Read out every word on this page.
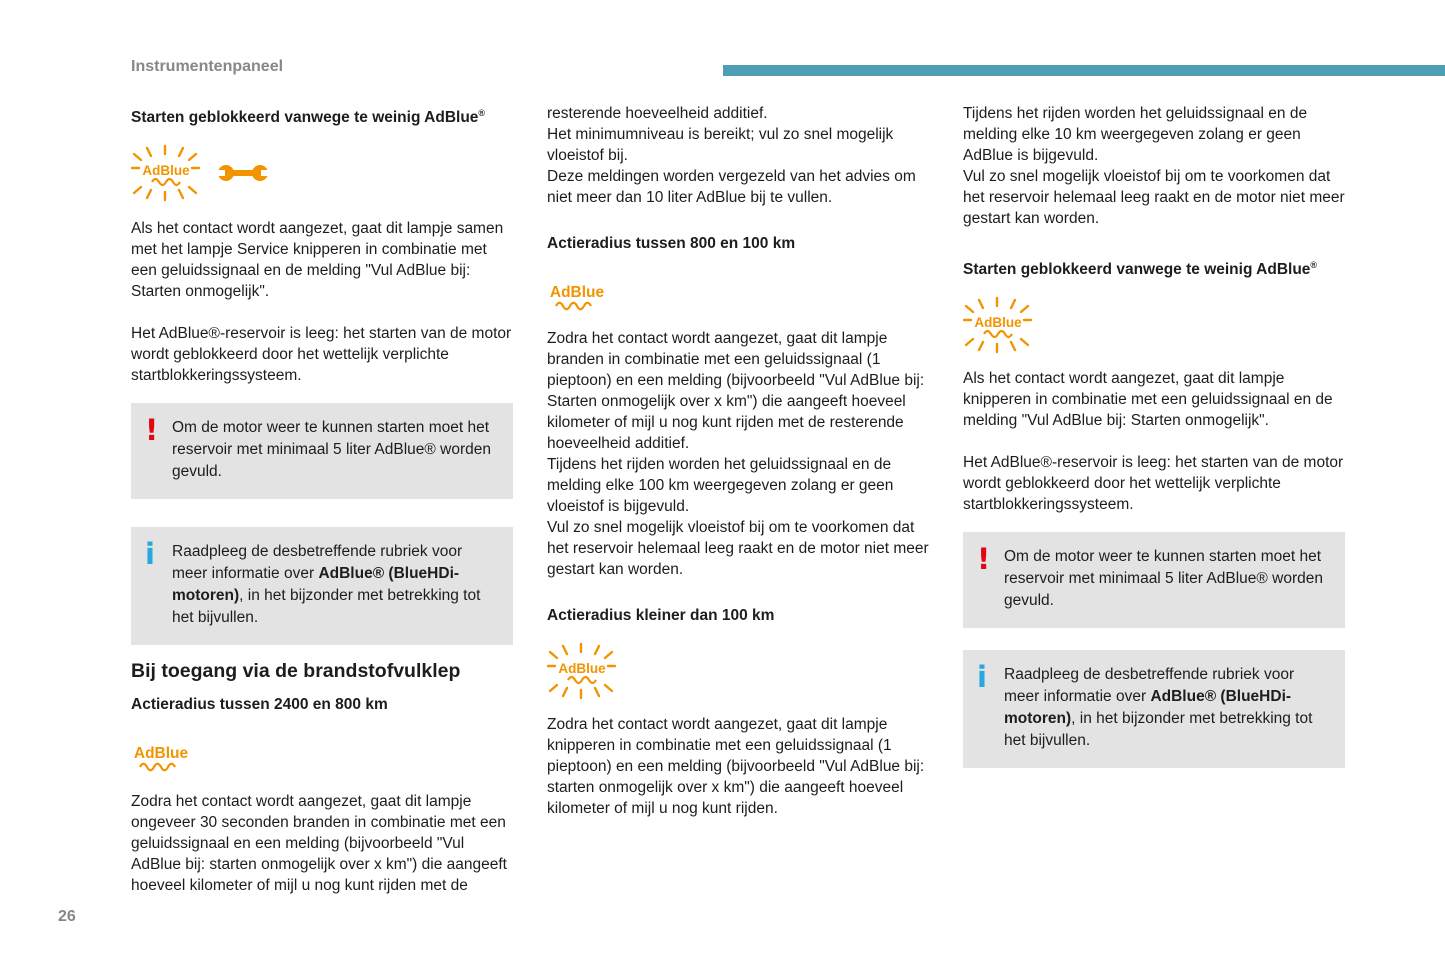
Instrumentenpaneel
Starten geblokkeerd vanwege te weinig AdBlue®
AdBlue

Als het contact wordt aangezet, gaat dit lampje samen met het lampje Service knipperen in combinatie met een geluidssignaal en de melding "Vul AdBlue bij: Starten onmogelijk".

Het AdBlue®-reservoir is leeg: het starten van de motor wordt geblokkeerd door het wettelijk verplichte startblokkeringssysteem.

! Om de motor weer te kunnen starten moet het reservoir met minimaal 5 liter AdBlue® worden gevuld.

i Raadpleeg de desbetreffende rubriek voor meer informatie over AdBlue® (BlueHDi-motoren), in het bijzonder met betrekking tot het bijvullen.

Bij toegang via de brandstofvulklep
Actieradius tussen 2400 en 800 km
AdBlue

Zodra het contact wordt aangezet, gaat dit lampje ongeveer 30 seconden branden in combinatie met een geluidssignaal en een melding (bijvoorbeeld "Vul AdBlue bij: starten onmogelijk over x km") die aangeeft hoeveel kilometer of mijl u nog kunt rijden met de

resterende hoeveelheid additief.

Het minimumniveau is bereikt; vul zo snel mogelijk vloeistof bij.

Deze meldingen worden vergezeld van het advies om niet meer dan 10 liter AdBlue bij te vullen.

Actieradius tussen 800 en 100 km
AdBlue

Zodra het contact wordt aangezet, gaat dit lampje branden in combinatie met een geluidssignaal (1 pieptoon) en een melding (bijvoorbeeld "Vul AdBlue bij: Starten onmogelijk over x km") die aangeeft hoeveel kilometer of mijl u nog kunt rijden met de resterende hoeveelheid additief.

Tijdens het rijden worden het geluidssignaal en de melding elke 100 km weergegeven zolang er geen vloeistof is bijgevuld.

Vul zo snel mogelijk vloeistof bij om te voorkomen dat het reservoir helemaal leeg raakt en de motor niet meer gestart kan worden.

Actieradius kleiner dan 100 km
AdBlue

Zodra het contact wordt aangezet, gaat dit lampje knipperen in combinatie met een geluidssignaal (1 pieptoon) en een melding (bijvoorbeeld "Vul AdBlue bij: starten onmogelijk over x km") die aangeeft hoeveel kilometer of mijl u nog kunt rijden.

Tijdens het rijden worden het geluidssignaal en de melding elke 10 km weergegeven zolang er geen AdBlue is bijgevuld.

Vul zo snel mogelijk vloeistof bij om te voorkomen dat het reservoir helemaal leeg raakt en de motor niet meer gestart kan worden.

Starten geblokkeerd vanwege te weinig AdBlue®
AdBlue

Als het contact wordt aangezet, gaat dit lampje knipperen in combinatie met een geluidssignaal en de melding "Vul AdBlue bij: Starten onmogelijk".

Het AdBlue®-reservoir is leeg: het starten van de motor wordt geblokkeerd door het wettelijk verplichte startblokkeringssysteem.

! Om de motor weer te kunnen starten moet het reservoir met minimaal 5 liter AdBlue® worden gevuld.

i Raadpleeg de desbetreffende rubriek voor meer informatie over AdBlue® (BlueHDi-motoren), in het bijzonder met betrekking tot het bijvullen.

26
